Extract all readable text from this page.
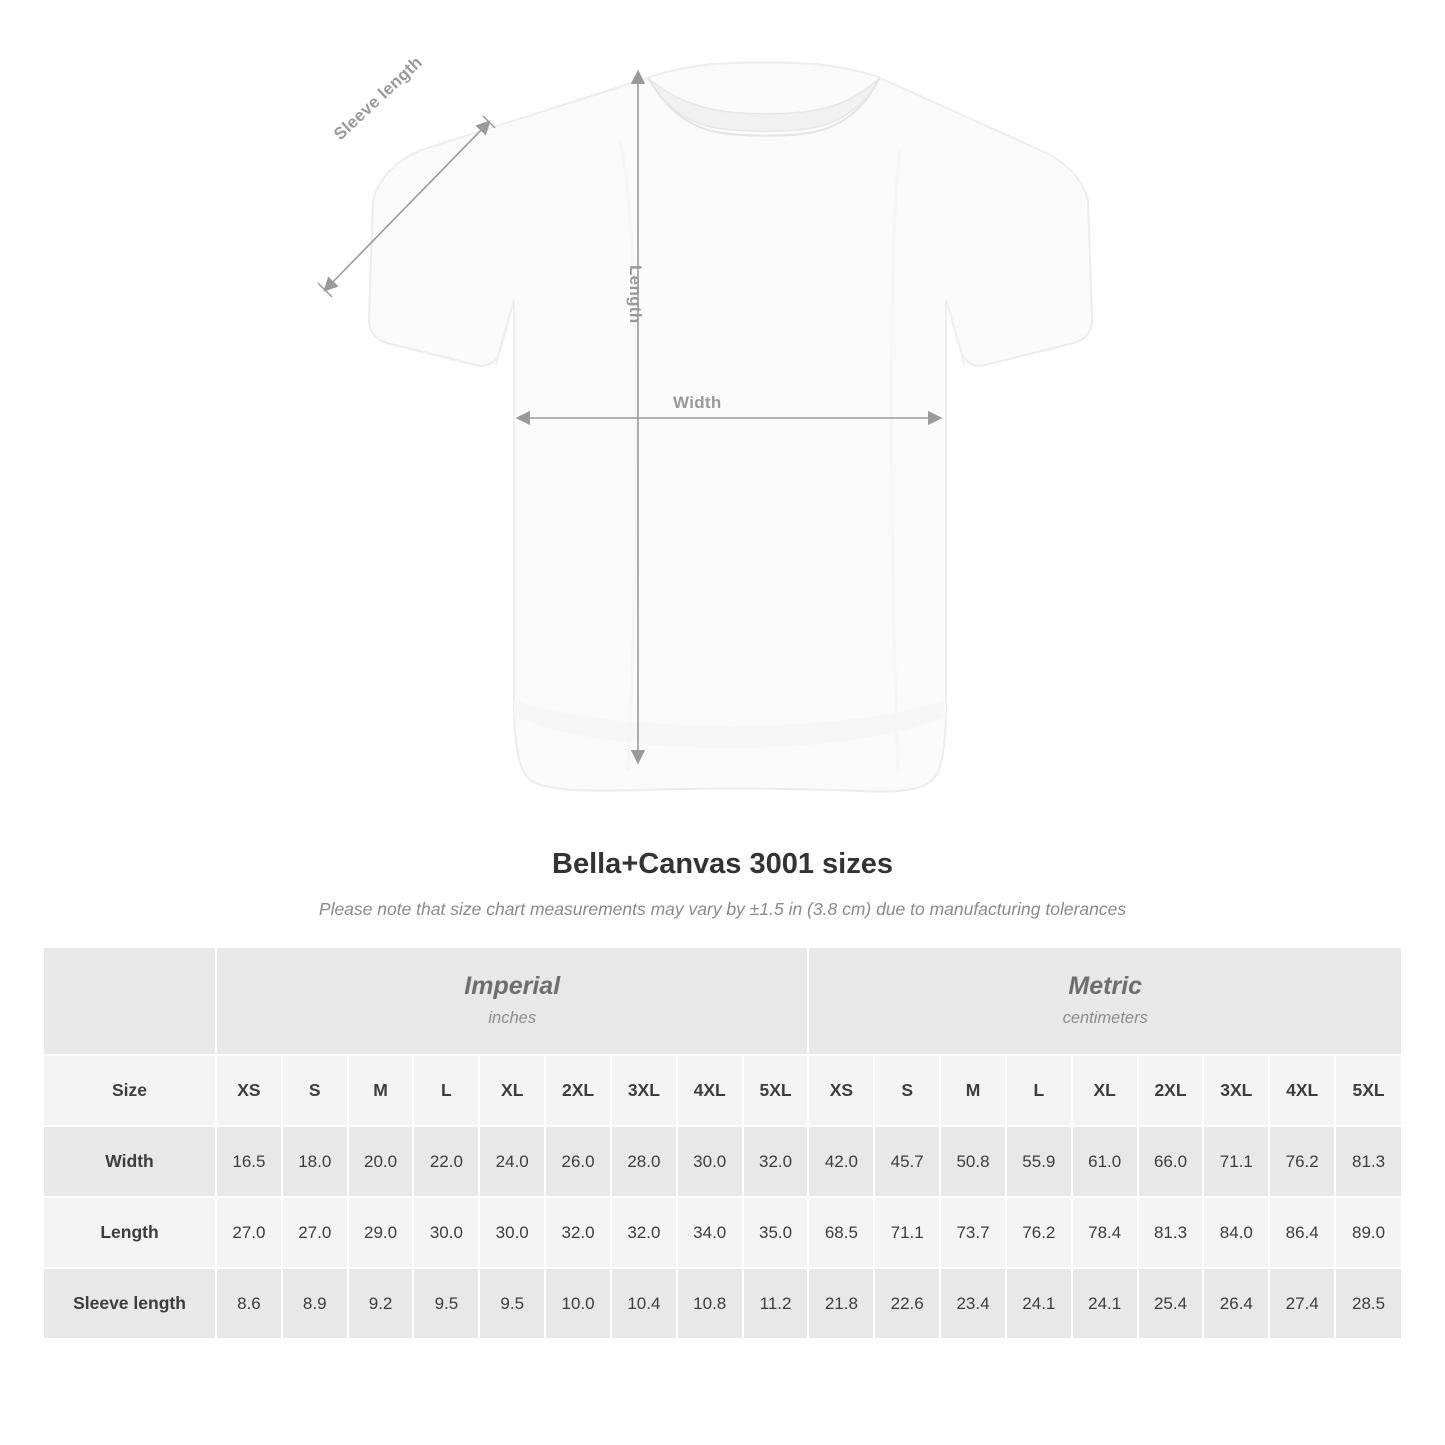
Sleeve length
Length
Width
Bella+Canvas 3001 sizes
Please note that size chart measurements may vary by ±1.5 in (3.8 cm) due to manufacturing tolerances

Imperial
inches

Metric
centimeters

Size	XS	S	M	L	XL	2XL	3XL	4XL	5XL	XS	S	M	L	XL	2XL	3XL	4XL	5XL
Width	16.5	18.0	20.0	22.0	24.0	26.0	28.0	30.0	32.0	42.0	45.7	50.8	55.9	61.0	66.0	71.1	76.2	81.3
Length	27.0	27.0	29.0	30.0	30.0	32.0	32.0	34.0	35.0	68.5	71.1	73.7	76.2	78.4	81.3	84.0	86.4	89.0
Sleeve length	8.6	8.9	9.2	9.5	9.5	10.0	10.4	10.8	11.2	21.8	22.6	23.4	24.1	24.1	25.4	26.4	27.4	28.5
